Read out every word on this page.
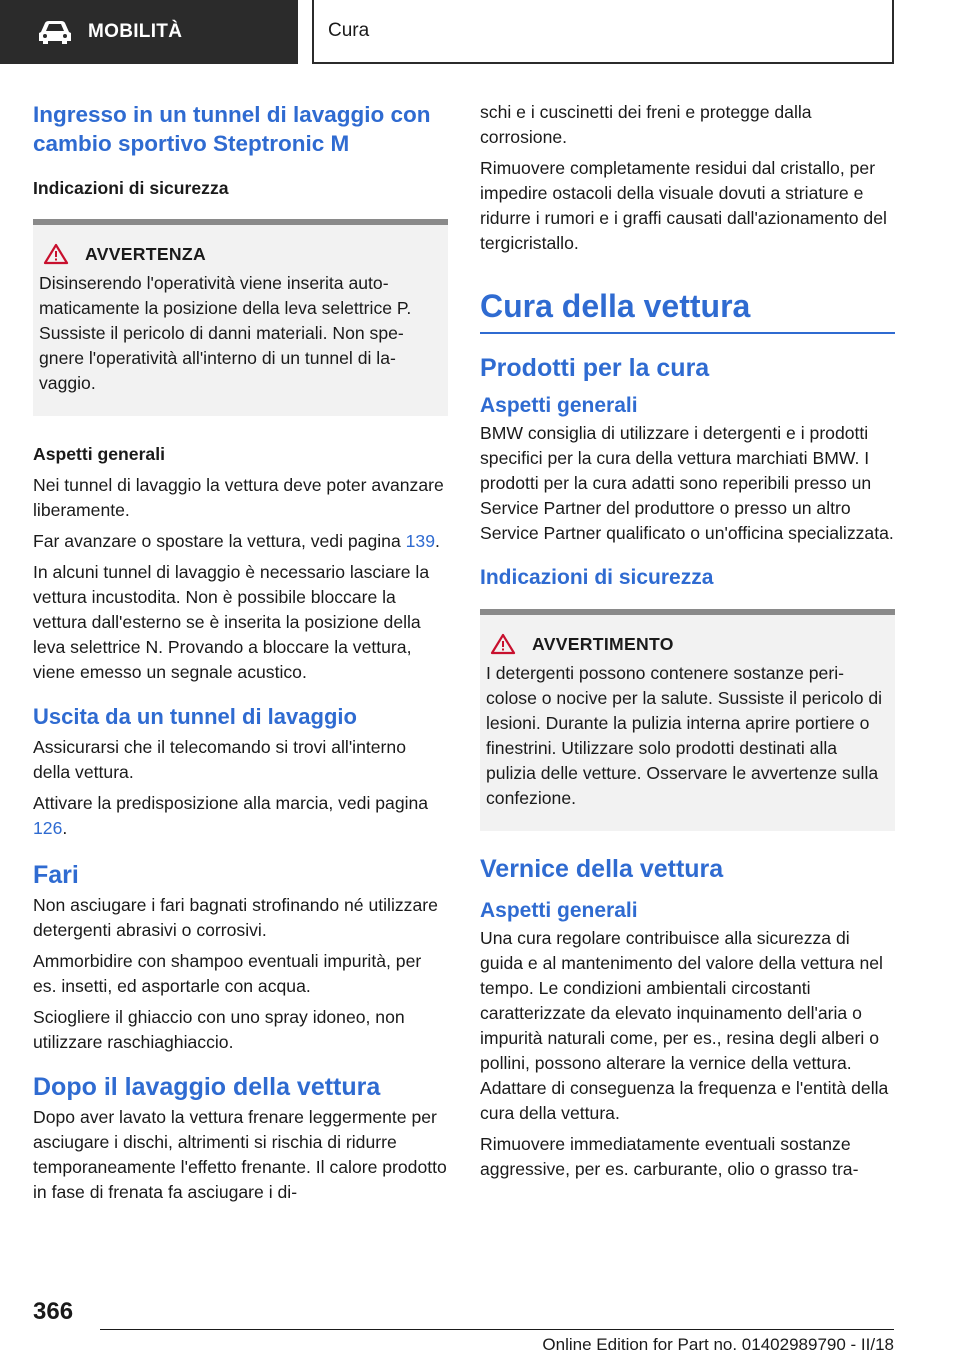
MOBILITÀ	Cura
Ingresso in un tunnel di lavaggio con cambio sportivo Steptronic M
Indicazioni di sicurezza
AVVERTENZA

Disinserendo l'operatività viene inserita automaticamente la posizione della leva selettrice P. Sussiste il pericolo di danni materiali. Non spegnere l'operatività all'interno di un tunnel di lavaggio.

Aspetti generali

Nei tunnel di lavaggio la vettura deve poter avanzare liberamente.

Far avanzare o spostare la vettura, vedi pagina 139.

In alcuni tunnel di lavaggio è necessario lasciare la vettura incustodita. Non è possibile bloccare la vettura dall'esterno se è inserita la posizione della leva selettrice N. Provando a bloccare la vettura, viene emesso un segnale acustico.

Uscita da un tunnel di lavaggio

Assicurarsi che il telecomando si trovi all'interno della vettura.

Attivare la predisposizione alla marcia, vedi pagina 126.

Fari

Non asciugare i fari bagnati strofinando né utilizzare detergenti abrasivi o corrosivi.

Ammorbidire con shampoo eventuali impurità, per es. insetti, ed asportarle con acqua.

Sciogliere il ghiaccio con uno spray idoneo, non utilizzare raschiaghiaccio.

Dopo il lavaggio della vettura

Dopo aver lavato la vettura frenare leggermente per asciugare i dischi, altrimenti si rischia di ridurre temporaneamente l'effetto frenante. Il calore prodotto in fase di frenata fa asciugare i di-

schi e i cuscinetti dei freni e protegge dalla corrosione.

Rimuovere completamente residui dal cristallo, per impedire ostacoli della visuale dovuti a striature e ridurre i rumori e i graffi causati dall'azionamento del tergicristallo.

Cura della vettura
Prodotti per la cura
Aspetti generali

BMW consiglia di utilizzare i detergenti e i prodotti specifici per la cura della vettura marchiati BMW. I prodotti per la cura adatti sono reperibili presso un Service Partner del produttore o presso un altro Service Partner qualificato o un'officina specializzata.

Indicazioni di sicurezza
AVVERTIMENTO

I detergenti possono contenere sostanze pericolose o nocive per la salute. Sussiste il pericolo di lesioni. Durante la pulizia interna aprire portiere o finestrini. Utilizzare solo prodotti destinati alla pulizia delle vetture. Osservare le avvertenze sulla confezione.

Vernice della vettura
Aspetti generali

Una cura regolare contribuisce alla sicurezza di guida e al mantenimento del valore della vettura nel tempo. Le condizioni ambientali circostanti caratterizzate da elevato inquinamento dell'aria o impurità naturali come, per es., resina degli alberi o pollini, possono alterare la vernice della vettura. Adattare di conseguenza la frequenza e l'entità della cura della vettura.

Rimuovere immediatamente eventuali sostanze aggressive, per es. carburante, olio o grasso tra-

366
Online Edition for Part no. 01402989790 - II/18
